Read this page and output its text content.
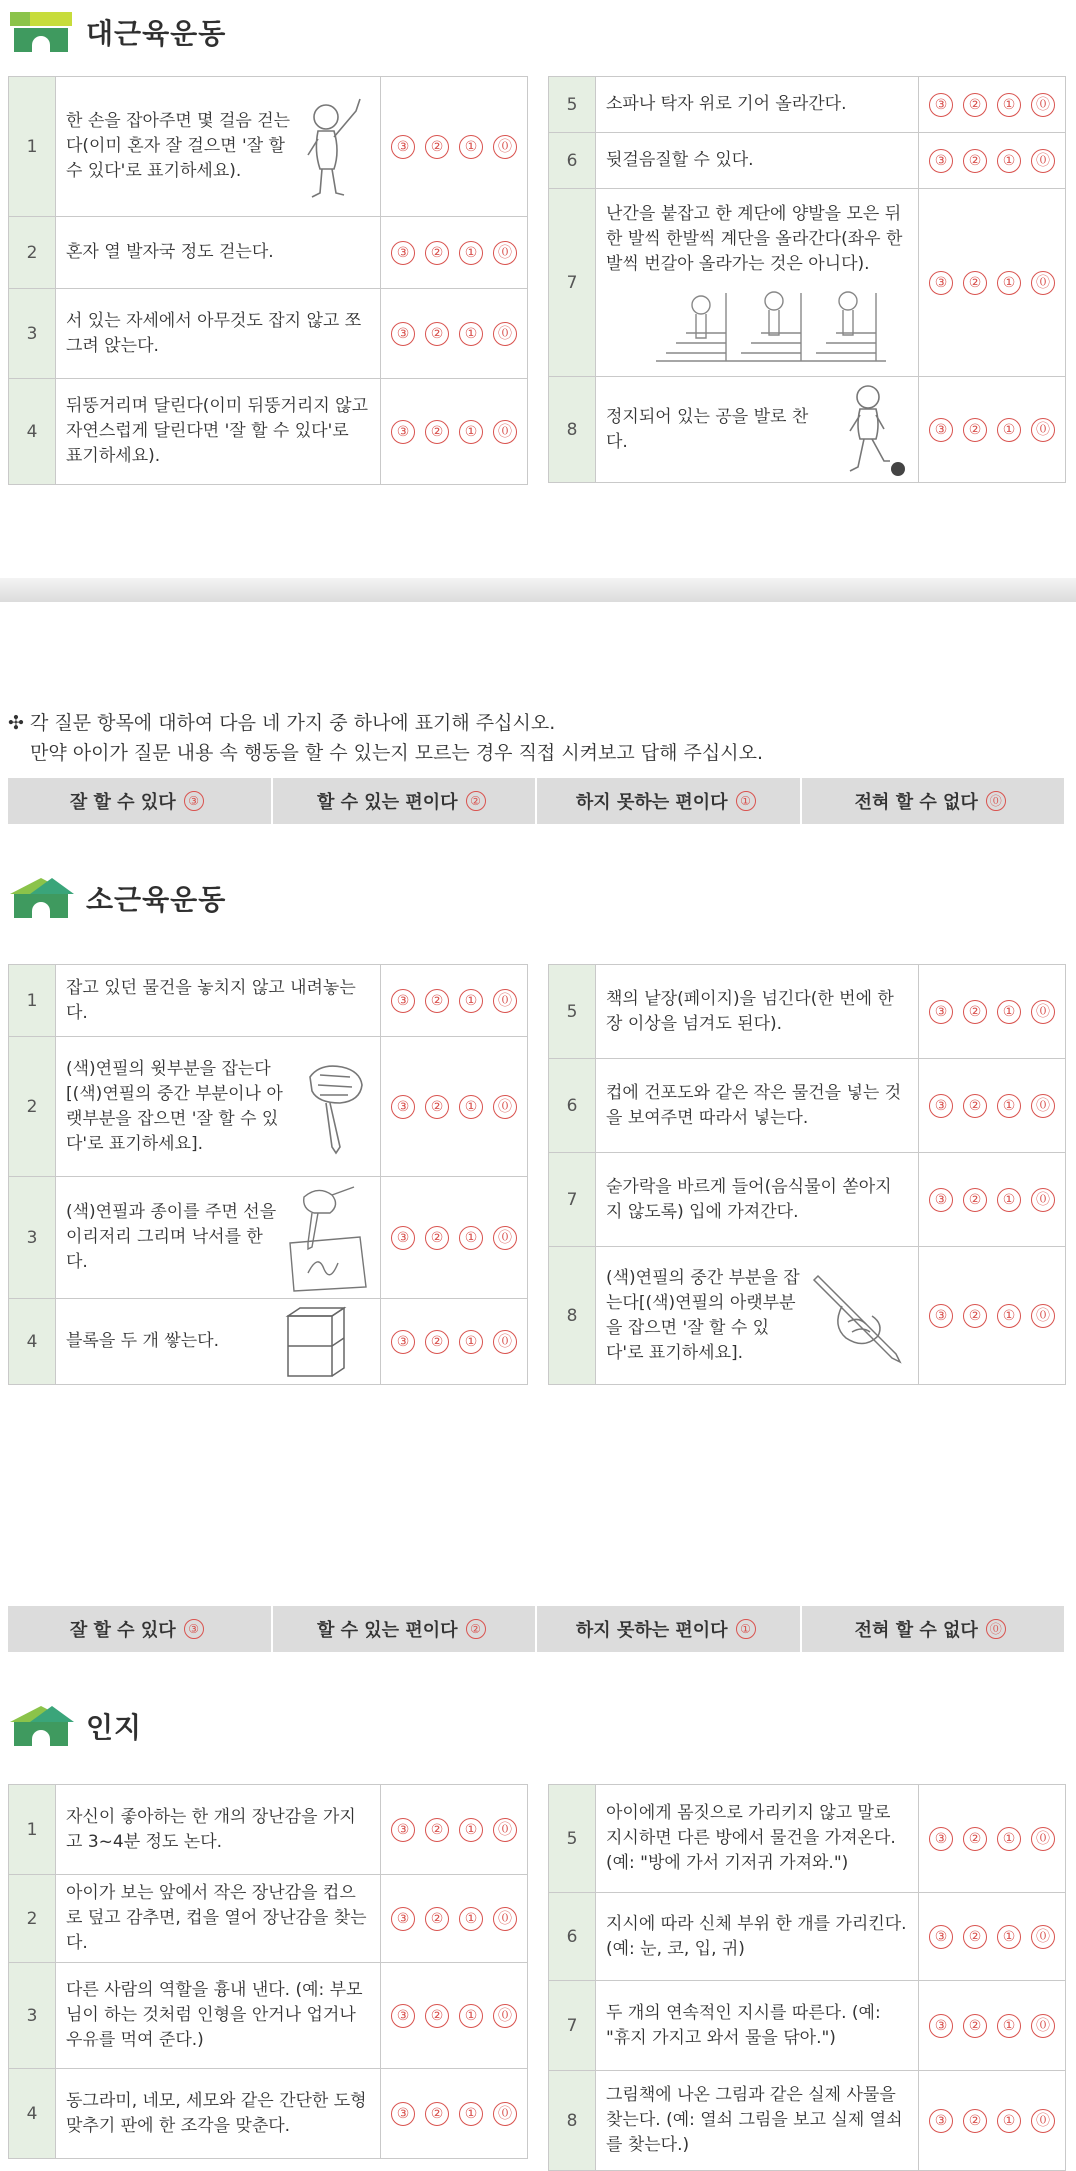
대근육운동
1	한 손을 잡아주면 몇 걸음 걷는다(이미 혼자 잘 걸으면 '잘 할 수 있다'로 표기하세요).	③ ② ① ⓪
2	혼자 열 발자국 정도 걷는다.	③ ② ① ⓪
3	서 있는 자세에서 아무것도 잡지 않고 쪼그려 앉는다.	③ ② ① ⓪
4	뒤뚱거리며 달린다(이미 뒤뚱거리지 않고 자연스럽게 달린다면 '잘 할 수 있다'로 표기하세요).	③ ② ① ⓪
5	소파나 탁자 위로 기어 올라간다.	③ ② ① ⓪
6	뒷걸음질할 수 있다.	③ ② ① ⓪
7	난간을 붙잡고 한 계단에 양발을 모은 뒤 한 발씩 한발씩 계단을 올라간다(좌우 한발씩 번갈아 올라가는 것은 아니다).	③ ② ① ⓪
8	정지되어 있는 공을 발로 찬다.	③ ② ① ⓪
✣ 각 질문 항목에 대하여 다음 네 가지 중 하나에 표기해 주십시오.
만약 아이가 질문 내용 속 행동을 할 수 있는지 모르는 경우 직접 시켜보고 답해 주십시오.
잘 할 수 있다	③	할 수 있는 편이다	②	하지 못하는 편이다	①	전혀 할 수 없다 ⓪
소근육운동
1	잡고 있던 물건을 놓치지 않고 내려놓는다.	③ ② ① ⓪
2	(색)연필의 윗부분을 잡는다[(색)연필의 중간 부분이나 아랫부분을 잡으면 '잘 할 수 있다'로 표기하세요].	③ ② ① ⓪
3	(색)연필과 종이를 주면 선을 이리저리 그리며 낙서를 한다.	③ ② ① ⓪
4	블록을 두 개 쌓는다.	③ ② ① ⓪
5	책의 낱장(페이지)을 넘긴다(한 번에 한 장 이상을 넘겨도 된다).	③ ② ① ⓪
6	컵에 건포도와 같은 작은 물건을 넣는 것을 보여주면 따라서 넣는다.	③ ② ① ⓪
7	숟가락을 바르게 들어(음식물이 쏟아지지 않도록) 입에 가져간다.	③ ② ① ⓪
8	(색)연필의 중간 부분을 잡는다[(색)연필의 아랫부분을 잡으면 '잘 할 수 있다'로 표기하세요].	③ ② ① ⓪
잘 할 수 있다	③	할 수 있는 편이다	②	하지 못하는 편이다	①	전혀 할 수 없다 ⓪
인지
1	자신이 좋아하는 한 개의 장난감을 가지고 3~4분 정도 논다.	③ ② ① ⓪
2	아이가 보는 앞에서 작은 장난감을 컵으로 덮고 감추면, 컵을 열어 장난감을 찾는다.	③ ② ① ⓪
3	다른 사람의 역할을 흉내 낸다. (예: 부모님이 하는 것처럼 인형을 안거나 업거나 우유를 먹여 준다.)	③ ② ① ⓪
4	동그라미, 네모, 세모와 같은 간단한 도형 맞추기 판에 한 조각을 맞춘다.	③ ② ① ⓪
5	아이에게 몸짓으로 가리키지 않고 말로 지시하면 다른 방에서 물건을 가져온다. (예: "방에 가서 기저귀 가져와.")	③ ② ① ⓪
6	지시에 따라 신체 부위 한 개를 가리킨다. (예: 눈, 코, 입, 귀)	③ ② ① ⓪
7	두 개의 연속적인 지시를 따른다. (예: "휴지 가지고 와서 물을 닦아.")	③ ② ① ⓪
8	그림책에 나온 그림과 같은 실제 사물을 찾는다. (예: 열쇠 그림을 보고 실제 열쇠를 찾는다.)	③ ② ① ⓪
